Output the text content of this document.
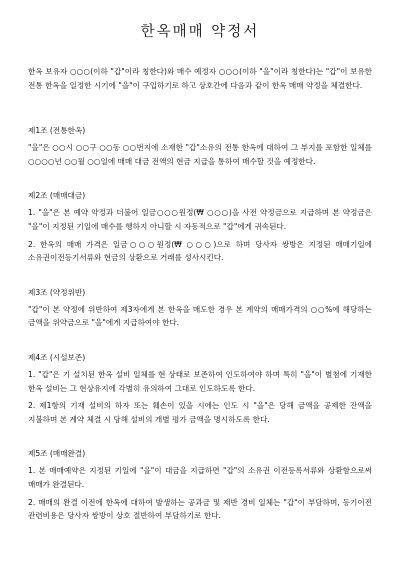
한옥매매 약정서

한옥 보유자 ○○○(이하 "갑"이라 칭한다)와 매수 예정자 ○○○(이하 "을"이라 칭한다)는 "갑"이 보유한 전통 한옥을 일정한 시기에 "을"이 구입하기로 하고 상호간에 다음과 같이 한옥 매매 약정을 체결한다.

제1조 (전통한옥)

"을"은 ○○시 ○○구 ○○동 ○○번지에 소재한 "갑"소유의 전통 한옥에 대하여 그 부지를 포함한 일체를 ○○○○년 ○○월 ○○일에 매매 대금 전액의 현금 지급을 통하여 매수할 것을 예정한다.

제2조 (매매대금)

1. "을"은 본 예약 약정과 더불어 일금○○○원정(₩ ○○○)을 사전 약정금으로 지급하며 본 약정금은 "을"이 지정된 기일에 매수를 행하지 아니할 시 자동적으로 "갑"에게 귀속된다.

2. 한옥의 매매 가격은 일금○○○원정(₩ ○○○)으로 하며 당사자 쌍방은 지정된 매매기일에 소유권이전등기서류와 현금의 상환으로 거래를 성사시킨다.

제3조 (약정위반)

"갑"이 본 약정에 위반하여 제3자에게 본 한옥을 매도한 경우 본 계약의 매매가격의 ○○%에 해당하는 금액을 위약금으로 "을"에게 지급하여야 한다.

제4조 (시설보존)

1. "갑"은 기 설치된 한옥 설비 일체를 현 상태로 보존하여 인도하여야 하며 특히 "을"이 별첨에 기재한 한옥 설비는 그 현상유지에 각별히 유의하여 그대로 인도하도록 한다.

2. 제1항의 기재 설비의 하자 또는 훼손이 있을 시에는 인도 시 "을"은 당해 금액을 공제한 잔액을 지불하며 본 계약 체결 시 당해 설비의 개별 평가 금액을 명시하도록 한다.

제5조 (매매완결)

1. 본 매매예약은 지정된 기일에 "을"이 대금을 지급하면 "갑"의 소유권 이전등록서류와 상환함으로써 매매가 완결된다.

2. 매매의 완결 이전에 한옥에 대하여 발생하는 공과금 및 제반 경비 일체는 "갑"이 부담하며, 등기이전 관련비용은 당사자 쌍방이 상호 절반하여 부담하기로 한다.
